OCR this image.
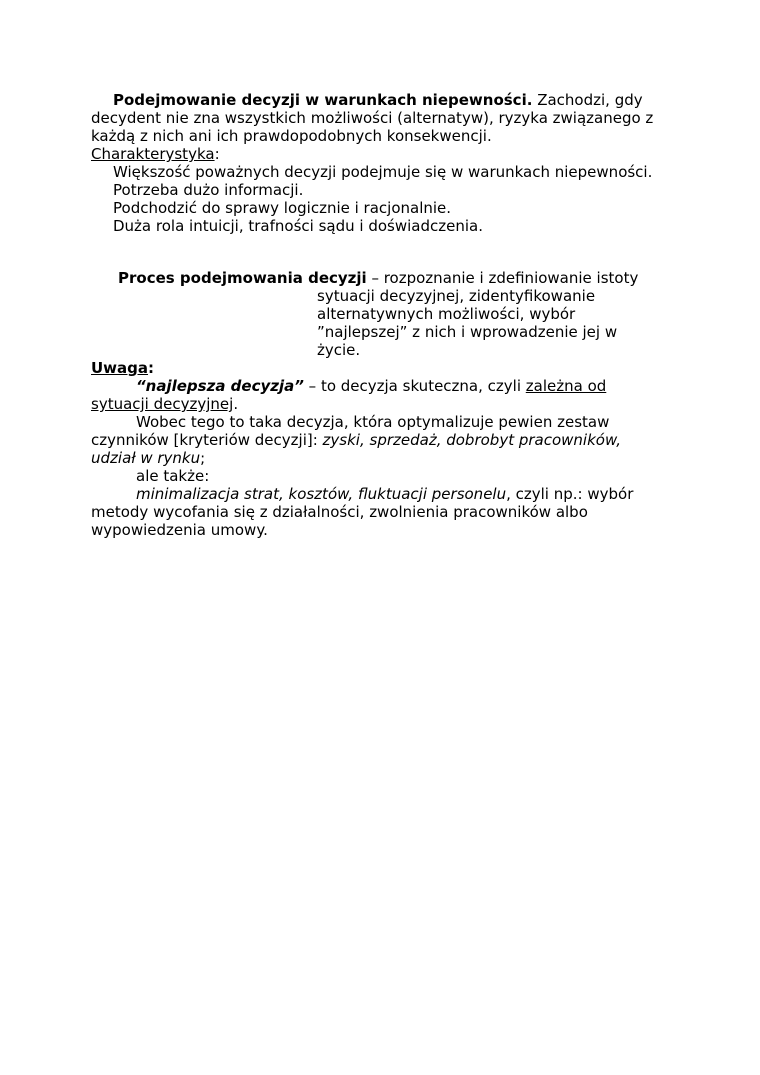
Podejmowanie decyzji w warunkach niepewności. Zachodzi, gdy
decydent nie zna wszystkich możliwości (alternatyw), ryzyka związanego z
każdą z nich ani ich prawdopodobnych konsekwencji.
Charakterystyka:
Większość poważnych decyzji podejmuje się w warunkach niepewności.
Potrzeba dużo informacji.
Podchodzić do sprawy logicznie i racjonalnie.
Duża rola intuicji, trafności sądu i doświadczenia.
Proces podejmowania decyzji – rozpoznanie i zdefiniowanie istoty
sytuacji decyzyjnej, zidentyfikowanie
alternatywnych możliwości, wybór
”najlepszej” z nich i wprowadzenie jej w
życie.
Uwaga:
“najlepsza decyzja” – to decyzja skuteczna, czyli zależna od
sytuacji decyzyjnej.
Wobec tego to taka decyzja, która optymalizuje pewien zestaw
czynników [kryteriów decyzji]: zyski, sprzedaż, dobrobyt pracowników,
udział w rynku;
ale także:
minimalizacja strat, kosztów, fluktuacji personelu, czyli np.: wybór
metody wycofania się z działalności, zwolnienia pracowników albo
wypowiedzenia umowy.
